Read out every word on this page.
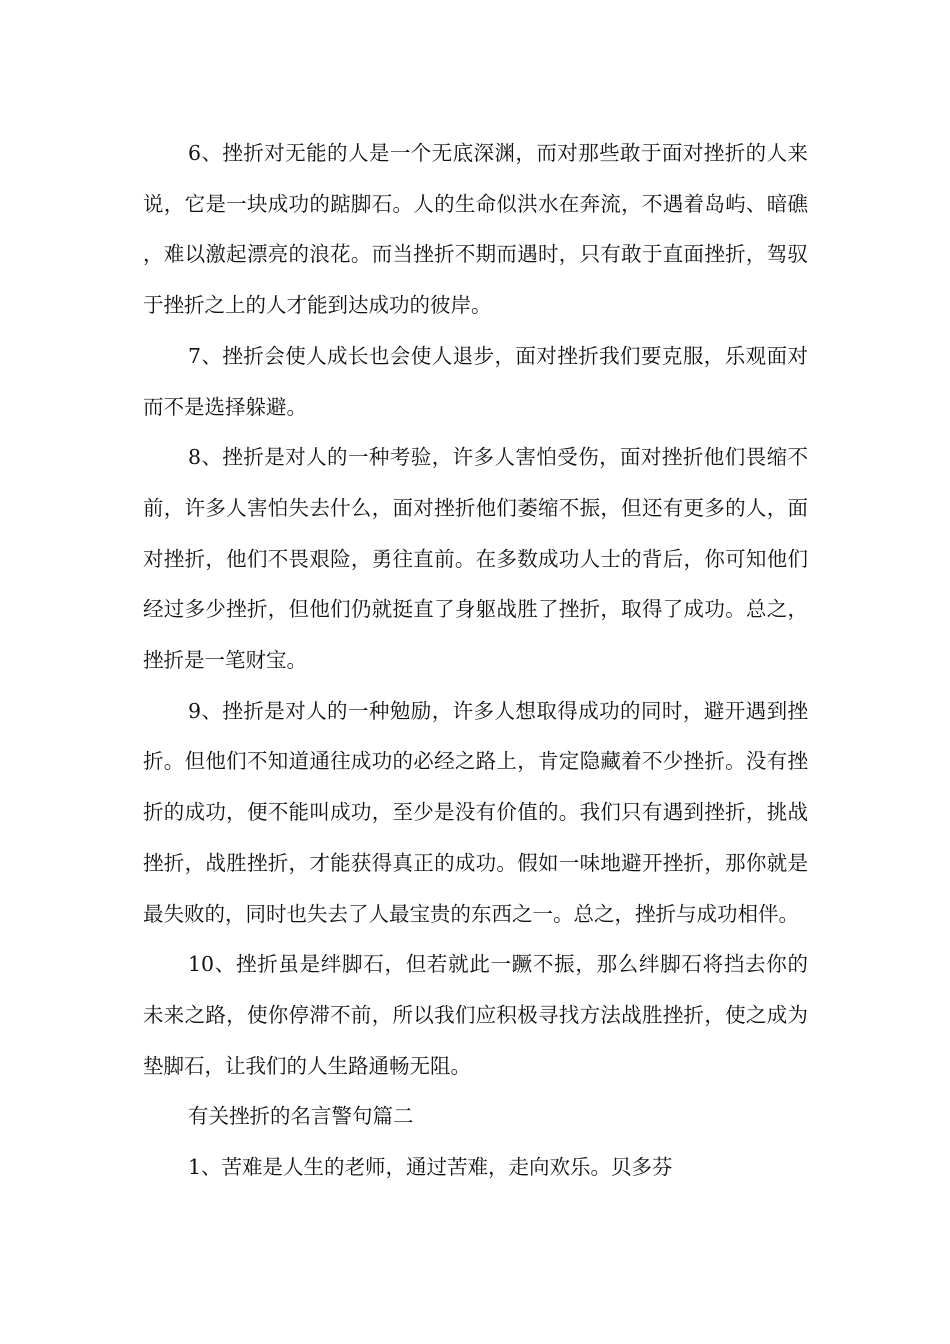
6、挫折对无能的人是一个无底深渊，而对那些敢于面对挫折的人来说，它是一块成功的踮脚石。人的生命似洪水在奔流，不遇着岛屿、暗礁，难以激起漂亮的浪花。而当挫折不期而遇时，只有敢于直面挫折，驾驭于挫折之上的人才能到达成功的彼岸。

7、挫折会使人成长也会使人退步，面对挫折我们要克服，乐观面对而不是选择躲避。

8、挫折是对人的一种考验，许多人害怕受伤，面对挫折他们畏缩不前，许多人害怕失去什么，面对挫折他们萎缩不振，但还有更多的人，面对挫折，他们不畏艰险，勇往直前。在多数成功人士的背后，你可知他们经过多少挫折，但他们仍就挺直了身躯战胜了挫折，取得了成功。总之，挫折是一笔财宝。

9、挫折是对人的一种勉励，许多人想取得成功的同时，避开遇到挫折。但他们不知道通往成功的必经之路上，肯定隐藏着不少挫折。没有挫折的成功，便不能叫成功，至少是没有价值的。我们只有遇到挫折，挑战挫折，战胜挫折，才能获得真正的成功。假如一味地避开挫折，那你就是最失败的，同时也失去了人最宝贵的东西之一。总之，挫折与成功相伴。

10、挫折虽是绊脚石，但若就此一蹶不振，那么绊脚石将挡去你的未来之路，使你停滞不前，所以我们应积极寻找方法战胜挫折，使之成为垫脚石，让我们的人生路通畅无阻。

有关挫折的名言警句篇二

1、苦难是人生的老师，通过苦难，走向欢乐。贝多芬
